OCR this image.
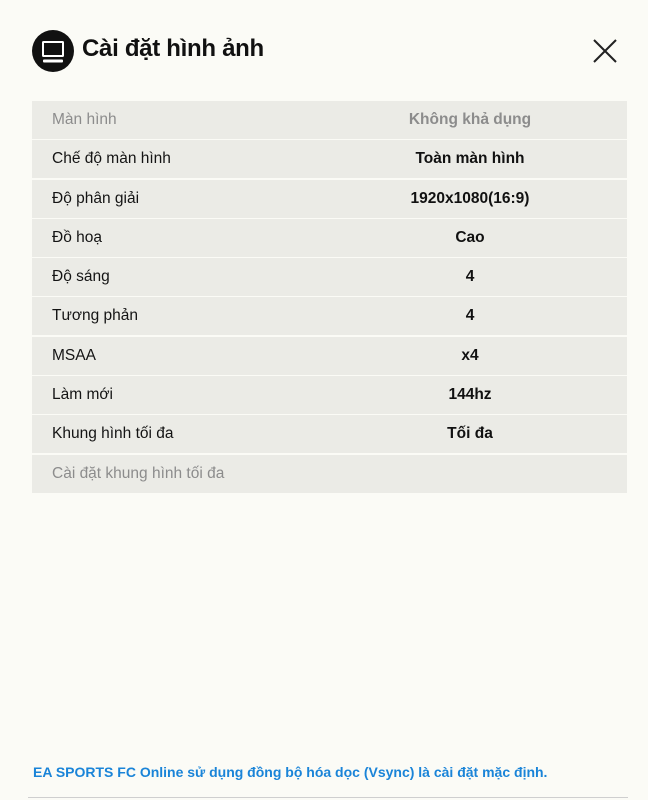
Cài đặt hình ảnh
Màn hình	Không khả dụng
Chế độ màn hình	Toàn màn hình
Độ phân giải	1920x1080(16:9)
Đồ hoạ	Cao
Độ sáng	4
Tương phản	4
MSAA	x4
Làm mới	144hz
Khung hình tối đa	Tối đa
Cài đặt khung hình tối đa
EA SPORTS FC Online sử dụng đồng bộ hóa dọc (Vsync) là cài đặt mặc định.
